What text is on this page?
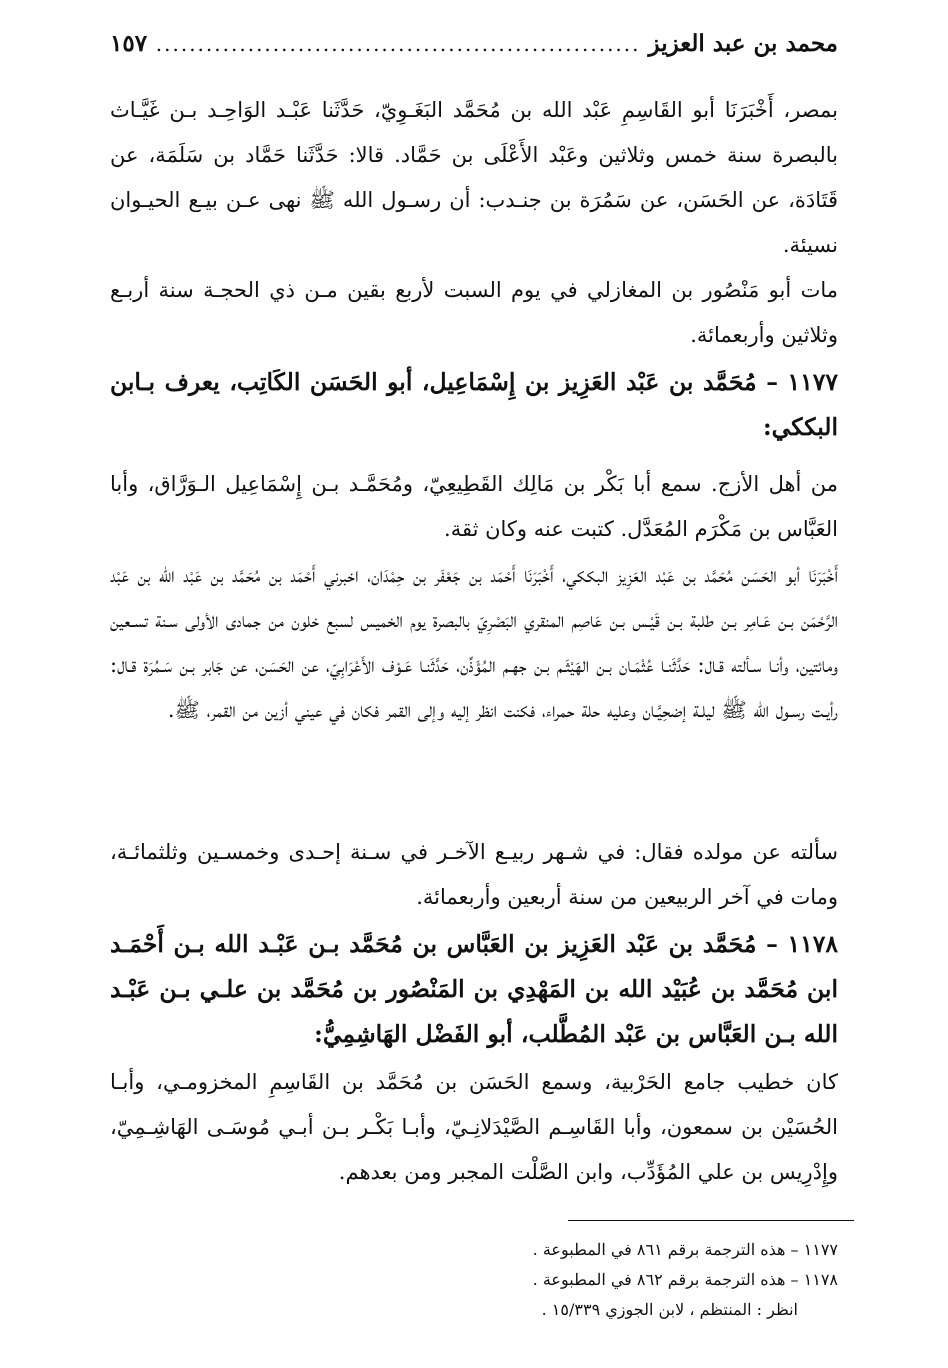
محمد بن عبد العزيز
.....
١٥٧
بمصر، أَخْبَرَنَا أبو القَاسِمِ عَبْد الله بن مُحَمَّد البَغَـوِيّ، حَدَّثَنا عَبْـد الوَاحِـد بـن غَيَّـاث بالبصرة سنة خمس وثلاثين وعَبْد الأَعْلَى بن حَمَّاد. قالا: حَدَّثَنا حَمَّاد بن سَلَمَة، عن قَتَادَة، عن الحَسَن، عن سَمُرَة بن جنـدب: أن رسـول الله ﷺ نهى عـن بيـع الحيـوان نسيئة.
مات أبو مَنْصُور بن المغازلي في يوم السبت لأربع بقين مـن ذي الحجـة سنة أربـع وثلاثين وأربعمائة.
١١٧٧ – مُحَمَّد بن عَبْد العَزِيز بن إِسْمَاعِيل، أبو الحَسَن الكَاتِب، يعرف بـابن البككي:
من أهل الأزج. سمع أبا بَكْر بن مَالِك القَطِيعِيّ، ومُحَمَّـد بـن إِسْمَاعِيل الـوَرَّاق، وأبا العَبَّاس بن مَكْرَم المُعَدَّل. كتبت عنه وكان ثقة.
أَخْبَرَنَا أبو الحَسَن مُحَمَّد بن عَبْد العَزِيز البككي، أَخْبَرَنَا أَحْمَد بن جَعْفَر بن حِمْدَان، اخبرني أَحْمَد بن مُحَمَّد بن عَبْد الله بن عَبْد الرَّحْمَن بـن عَـامِر بـن طلبة بـن قَيْـس بـن عَاصِم المنقري البَصْرِيّ بالبصرة يوم الخميس لسبع خلون من جمادى الأولى سـنة تسـعين ومائتين، وأنـا سـألته قـال: حَدَّثَنـا عُثْمَـان بـن الهَيْثَـم بـن جهـم المُؤَذِّن، حَدَّثَنـا عَـوْف الأَعْرَابِيّ، عن الحَسَن، عن جَابر بـن سَـمُرَة قـال: رأيـت رسـول الله ﷺ ليلـة إضحِيَّـان وعليه حلة حمراء، فكنت انظر إليه وإلى القمر فكان في عيني أزين من القمر، ﷺ.
سألته عن مولده فقال: في شـهر ربيـع الآخـر في سـنة إحـدى وخمسـين وثلثمائـة، ومات في آخر الربيعين من سنة أربعين وأربعمائة.
١١٧٨ – مُحَمَّد بن عَبْد العَزِيز بن العَبَّاس بن مُحَمَّد بـن عَبْـد الله بـن أَحْمَـد ابن مُحَمَّد بن عُبَيْد الله بن المَهْدِي بن المَنْصُور بن مُحَمَّد بن علـي بـن عَبْـد الله بـن العَبَّاس بن عَبْد المُطَّلب، أبو الفَضْل الهَاشِمِيُّ:
كان خطيب جامع الحَرْبية، وسمع الحَسَن بن مُحَمَّد بن القَاسِمِ المخزومـي، وأبـا الحُسَيْن بن سمعون، وأبا القَاسِـم الصَّيْدَلانِـيّ، وأبـا بَكْـر بـن أبـي مُوسَـى الهَاشِـمِيّ، وإِدْرِيس بن علي المُؤَدِّب، وابن الصَّلْت المجبر ومن بعدهم.
١١٧٧ – هذه الترجمة برقم ٨٦١ في المطبوعة .
١١٧٨ – هذه الترجمة برقم ٨٦٢ في المطبوعة .
انظر : المنتظم ، لابن الجوزي ١٥/٣٣٩ .
